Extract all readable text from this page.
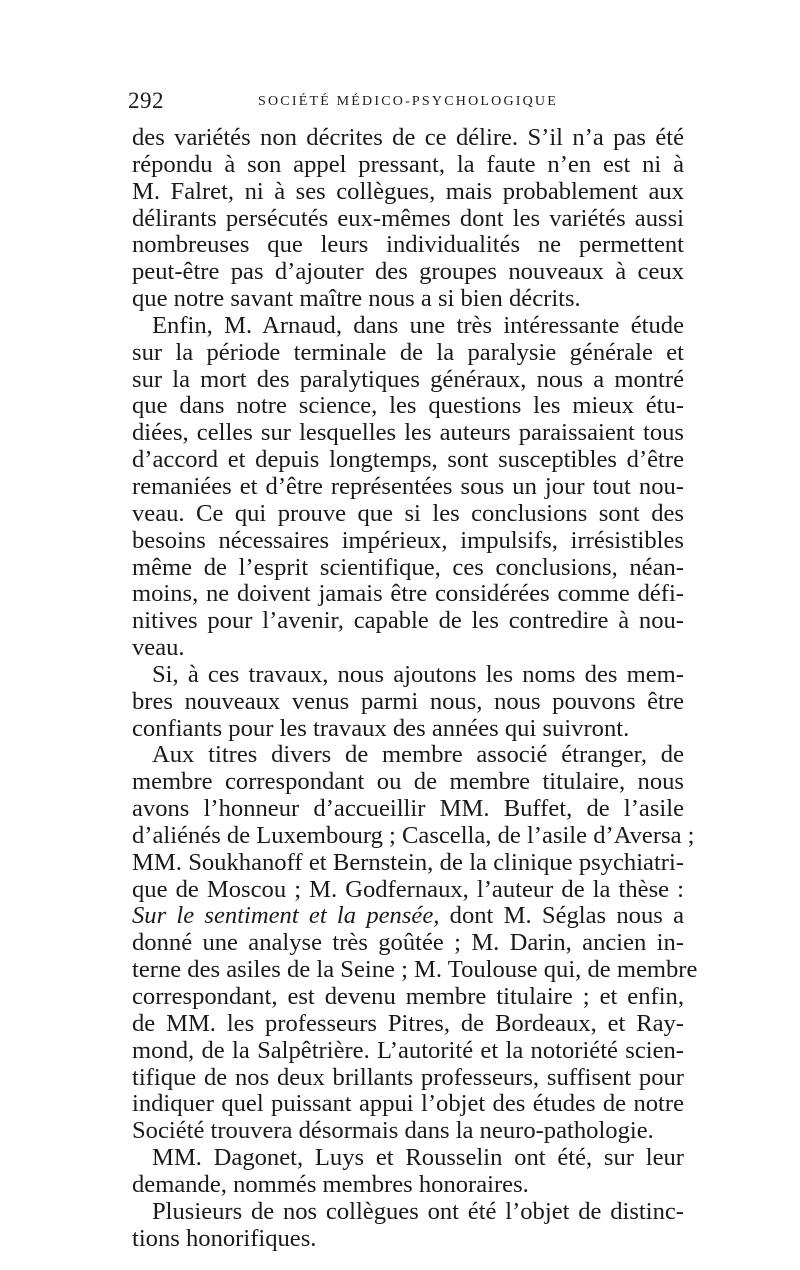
292	SOCIÉTÉ MÉDICO-PSYCHOLOGIQUE
des variétés non décrites de ce délire. S’il n’a pas été
répondu à son appel pressant, la faute n’en est ni à
M. Falret, ni à ses collègues, mais probablement aux
délirants persécutés eux-mêmes dont les variétés aussi
nombreuses que leurs individualités ne permettent
peut-être pas d’ajouter des groupes nouveaux à ceux
que notre savant maître nous a si bien décrits.
Enfin, M. Arnaud, dans une très intéressante étude
sur la période terminale de la paralysie générale et
sur la mort des paralytiques généraux, nous a montré
que dans notre science, les questions les mieux étu-
diées, celles sur lesquelles les auteurs paraissaient tous
d’accord et depuis longtemps, sont susceptibles d’être
remaniées et d’être représentées sous un jour tout nou-
veau. Ce qui prouve que si les conclusions sont des
besoins nécessaires impérieux, impulsifs, irrésistibles
même de l’esprit scientifique, ces conclusions, néan-
moins, ne doivent jamais être considérées comme défi-
nitives pour l’avenir, capable de les contredire à nou-
veau.
Si, à ces travaux, nous ajoutons les noms des mem-
bres nouveaux venus parmi nous, nous pouvons être
confiants pour les travaux des années qui suivront.
Aux titres divers de membre associé étranger, de
membre correspondant ou de membre titulaire, nous
avons l’honneur d’accueillir MM. Buffet, de l’asile
d’aliénés de Luxembourg ; Cascella, de l’asile d’Aversa ;
MM. Soukhanoff et Bernstein, de la clinique psychiatri-
que de Moscou ; M. Godfernaux, l’auteur de la thèse :
Sur le sentiment et la pensée, dont M. Séglas nous a
donné une analyse très goûtée ; M. Darin, ancien in-
terne des asiles de la Seine ; M. Toulouse qui, de membre
correspondant, est devenu membre titulaire ; et enfin,
de MM. les professeurs Pitres, de Bordeaux, et Ray-
mond, de la Salpêtrière. L’autorité et la notoriété scien-
tifique de nos deux brillants professeurs, suffisent pour
indiquer quel puissant appui l’objet des études de notre
Société trouvera désormais dans la neuro-pathologie.
MM. Dagonet, Luys et Rousselin ont été, sur leur
demande, nommés membres honoraires.
Plusieurs de nos collègues ont été l’objet de distinc-
tions honorifiques.
